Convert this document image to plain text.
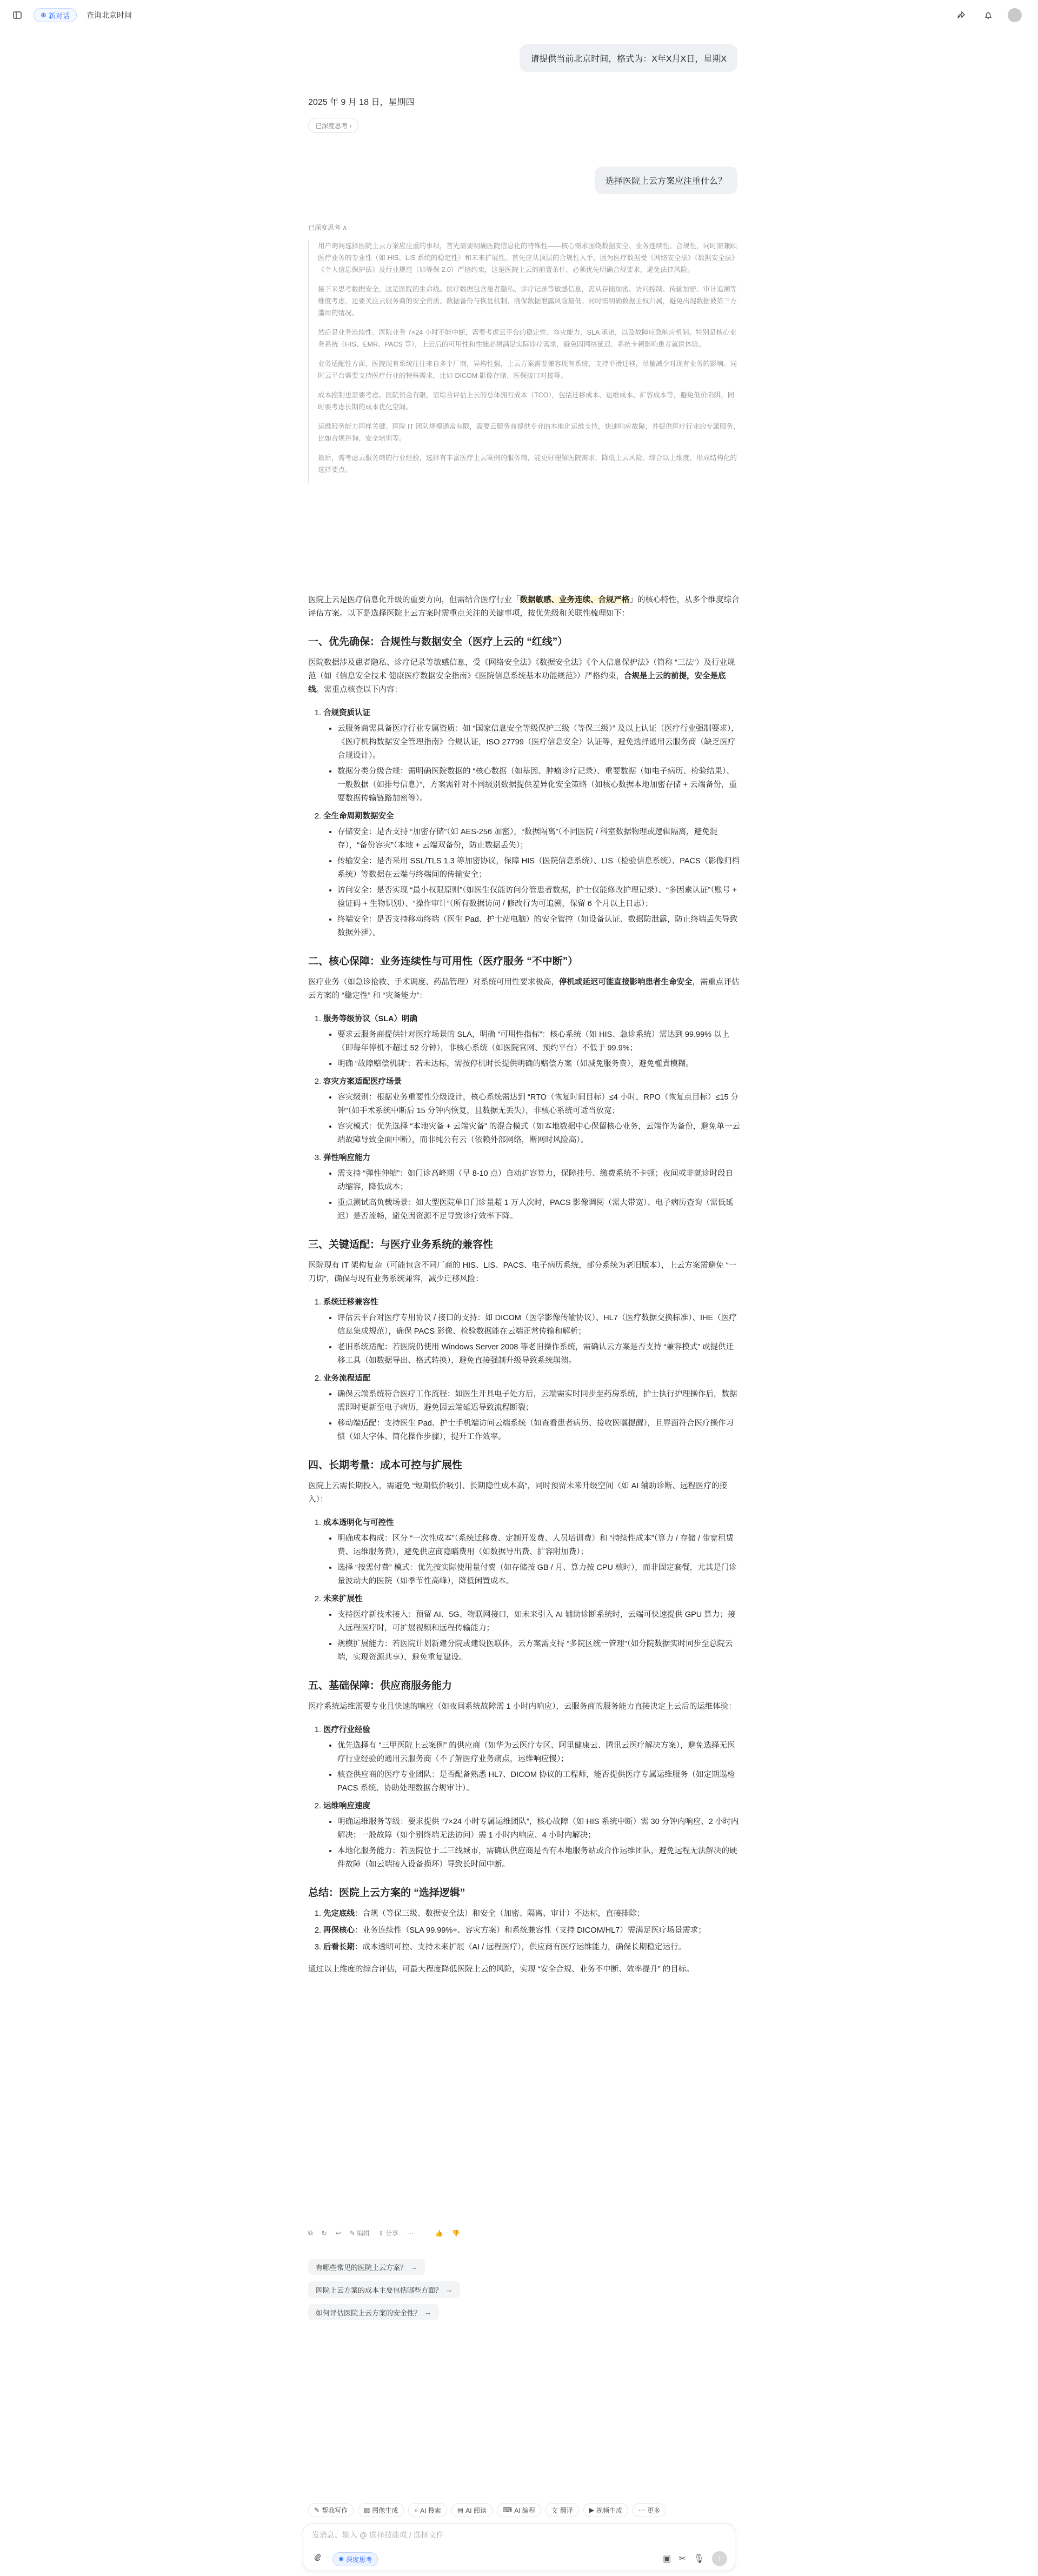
⊕ 新对话 查询北京时间
请提供当前北京时间，格式为：X年X月X日，星期X
2025 年 9 月 18 日，星期四
已深度思考 ›
选择医院上云方案应注重什么？
已深度思考 ∧

用户询问选择医院上云方案应注重的事项，首先需要明确医院信息化的特殊性——核心需求围绕数据安全、业务连续性、合规性，同时需兼顾医疗业务的专业性（如 HIS、LIS 系统的稳定性）和未来扩展性。首先应从顶层的合规性入手，因为医疗数据受《网络安全法》《数据安全法》《个人信息保护法》及行业规范（如等保 2.0）严格约束，这是医院上云的前置条件，必须优先明确合规要求，避免法律风险。

接下来思考数据安全，这是医院的生命线。医疗数据包含患者隐私、诊疗记录等敏感信息，需从存储加密、访问控制、传输加密、审计追溯等维度考虑，还要关注云服务商的安全资质、数据备份与恢复机制，确保数据泄露风险最低。同时需明确数据主权归属，避免出现数据被第三方滥用的情况。

然后是业务连续性。医院业务 7×24 小时不能中断，需要考虑云平台的稳定性、容灾能力、SLA 承诺，以及故障应急响应机制。特别是核心业务系统（HIS、EMR、PACS 等），上云后的可用性和性能必须满足实际诊疗需求，避免因网络延迟、系统卡顿影响患者就医体验。

业务适配性方面，医院现有系统往往来自多个厂商，异构性强，上云方案需要兼容现有系统，支持平滑迁移，尽量减少对现有业务的影响。同时云平台需要支持医疗行业的特殊需求，比如 DICOM 影像存储、医保接口对接等。

成本控制也需要考虑。医院资金有限，需综合评估上云的总体拥有成本（TCO），包括迁移成本、运维成本、扩容成本等，避免低价陷阱，同时要考虑长期的成本优化空间。

运维服务能力同样关键。医院 IT 团队规模通常有限，需要云服务商提供专业的本地化运维支持，快速响应故障，并提供医疗行业的专属服务，比如合规咨询、安全培训等。

最后，需考虑云服务商的行业经验，选择有丰富医疗上云案例的服务商，能更好理解医院需求，降低上云风险。综合以上维度，形成结构化的选择要点。

医院上云是医疗信息化升级的重要方向，但需结合医疗行业「数据敏感、业务连续、合规严格」的核心特性，从多个维度综合评估方案。以下是选择医院上云方案时需重点关注的关键事项，按优先级和关联性梳理如下：

一、优先确保：合规性与数据安全（医疗上云的 “红线”）

医院数据涉及患者隐私、诊疗记录等敏感信息，受《网络安全法》《数据安全法》《个人信息保护法》（简称 “三法”）及行业规范（如《信息安全技术 健康医疗数据安全指南》《医院信息系统基本功能规范》）严格约束，合规是上云的前提，安全是底线。需重点核查以下内容：

1. 合规资质认证
• 云服务商需具备医疗行业专属资质：如 “国家信息安全等级保护三级（等保三级）” 及以上认证（医疗行业强制要求），《医疗机构数据安全管理指南》合规认证，ISO 27799（医疗信息安全）认证等，避免选择通用云服务商（缺乏医疗合规设计）。
• 数据分类分级合规：需明确医院数据的 “核心数据（如基因、肿瘤诊疗记录）、重要数据（如电子病历、检验结果）、一般数据（如排号信息）”，方案需针对不同级别数据提供差异化安全策略（如核心数据本地加密存储 + 云端备份，重要数据传输链路加密等）。
2. 全生命周期数据安全
• 存储安全：是否支持 “加密存储”（如 AES-256 加密），“数据隔离”（不同医院 / 科室数据物理或逻辑隔离，避免混存），“备份容灾”（本地 + 云端双备份，防止数据丢失）；
• 传输安全：是否采用 SSL/TLS 1.3 等加密协议，保障 HIS（医院信息系统）、LIS（检验信息系统）、PACS（影像归档系统）等数据在云端与终端间的传输安全；
• 访问安全：是否实现 “最小权限原则”（如医生仅能访问分管患者数据，护士仅能修改护理记录）、“多因素认证”（账号 + 验证码 + 生物识别）、“操作审计”（所有数据访问 / 修改行为可追溯，保留 6 个月以上日志）；
• 终端安全：是否支持移动终端（医生 Pad、护士站电脑）的安全管控（如设备认证、数据防泄露，防止终端丢失导致数据外泄）。
二、核心保障：业务连续性与可用性（医疗服务 “不中断”）

医疗业务（如急诊抢救、手术调度、药品管理）对系统可用性要求极高，停机或延迟可能直接影响患者生命安全，需重点评估云方案的 “稳定性” 和 “灾备能力”：

1. 服务等级协议（SLA）明确
• 要求云服务商提供针对医疗场景的 SLA，明确 “可用性指标”：核心系统（如 HIS、急诊系统）需达到 99.99% 以上（即每年停机不超过 52 分钟），非核心系统（如医院官网、预约平台）不低于 99.9%；
• 明确 “故障赔偿机制”：若未达标，需按停机时长提供明确的赔偿方案（如减免服务费），避免權責模糊。
2. 容灾方案适配医疗场景
• 容灾级别：根据业务重要性分级设计，核心系统需达到 “RTO（恢复时间目标）≤4 小时，RPO（恢复点目标）≤15 分钟”（如手术系统中断后 15 分钟内恢复，且数据无丢失），非核心系统可适当放宽；
• 容灾模式：优先选择 “本地灾备 + 云端灾备” 的混合模式（如本地数据中心保留核心业务，云端作为备份，避免单一云端故障导致全面中断），而非纯公有云（依赖外部网络，断网时风险高）。
3. 弹性响应能力
• 需支持 “弹性伸缩”：如门诊高峰期（早 8-10 点）自动扩容算力，保障挂号、缴费系统不卡顿；夜间或非就诊时段自动缩容，降低成本；
• 重点测试高负载场景：如大型医院单日门诊量超 1 万人次时，PACS 影像调阅（需大带宽）、电子病历查询（需低延迟）是否流畅，避免因资源不足导致诊疗效率下降。
三、关键适配：与医疗业务系统的兼容性

医院现有 IT 架构复杂（可能包含不同厂商的 HIS、LIS、PACS、电子病历系统，部分系统为老旧版本），上云方案需避免 “一刀切”，确保与现有业务系统兼容，减少迁移风险：

1. 系统迁移兼容性
• 评估云平台对医疗专用协议 / 接口的支持：如 DICOM（医学影像传输协议）、HL7（医疗数据交换标准）、IHE（医疗信息集成规范），确保 PACS 影像、检验数据能在云端正常传输和解析；
• 老旧系统适配：若医院仍使用 Windows Server 2008 等老旧操作系统，需确认云方案是否支持 “兼容模式” 或提供迁移工具（如数据导出、格式转换），避免直接强制升级导致系统崩溃。
2. 业务流程适配
• 确保云端系统符合医疗工作流程：如医生开具电子处方后，云端需实时同步至药房系统，护士执行护理操作后，数据需即时更新至电子病历，避免因云端延迟导致流程断裂；
• 移动端适配：支持医生 Pad、护士手机端访问云端系统（如查看患者病历、接收医嘱提醒），且界面符合医疗操作习惯（如大字体、简化操作步骤），提升工作效率。
四、长期考量：成本可控与扩展性

医院上云需长期投入，需避免 “短期低价吸引、长期隐性成本高”，同时预留未来升级空间（如 AI 辅助诊断、远程医疗的接入）：

1. 成本透明化与可控性
• 明确成本构成：区分 “一次性成本”（系统迁移费、定制开发费、人员培训费）和 “持续性成本”（算力 / 存储 / 带宽租赁费、运维服务费），避免供应商隐瞞费用（如数据导出费、扩容附加费）；
• 选择 “按需付费” 模式：优先按实际使用量付费（如存储按 GB / 月、算力按 CPU 核时），而非固定套餐，尤其是门诊量波动大的医院（如季节性高峰），降低闲置成本。
2. 未来扩展性
• 支持医疗新技术接入：预留 AI、5G、物联网接口，如未来引入 AI 辅助诊断系统时，云端可快速提供 GPU 算力；接入远程医疗时，可扩展视频和远程传输能力；
• 规模扩展能力：若医院计划新建分院或建设医联体，云方案需支持 “多院区统一管理”（如分院数据实时同步至总院云端，实现资源共享），避免重复建设。
五、基础保障：供应商服务能力

医疗系统运维需要专业且快速的响应（如夜间系统故障需 1 小时内响应），云服务商的服务能力直接决定上云后的运维体验：

1. 医疗行业经验
• 优先选择有 “三甲医院上云案例” 的供应商（如华为云医疗专区、阿里健康云、腾讯云医疗解决方案），避免选择无医疗行业经验的通用云服务商（不了解医疗业务痛点，运维响应慢）；
• 核查供应商的医疗专业团队：是否配备熟悉 HL7、DICOM 协议的工程师，能否提供医疗专属运维服务（如定期巡检 PACS 系统、协助处理数据合规审计）。
2. 运维响应速度
• 明确运维服务等级：要求提供 “7×24 小时专属运维团队”，核心故障（如 HIS 系统中断）需 30 分钟内响应、2 小时内解决；一般故障（如个别终端无法访问）需 1 小时内响应、4 小时内解决；
• 本地化服务能力：若医院位于二三线城市，需确认供应商是否有本地服务站或合作运维团队，避免远程无法解决的硬件故障（如云端接入设备损坏）导致长时间中断。
总结：医院上云方案的 “选择逻辑”
1. 先定底线：合规（等保三级、数据安全法）和安全（加密、隔离、审计）不达标，直接排除；
2. 再保核心：业务连续性（SLA 99.99%+、容灾方案）和系统兼容性（支持 DICOM/HL7）需满足医疗场景需求；
3. 后看长期：成本透明可控、支持未来扩展（AI / 远程医疗），供应商有医疗运维能力，确保长期稳定运行。

通过以上维度的综合评估，可最大程度降低医院上云的风险，实现 “安全合规、业务不中断、效率提升” 的目标。

⧉ ↻ ↩ ✎ 编辑 ⇪ 分享 ···	👍 👎
有哪些常见的医院上云方案？ →
医院上云方案的成本主要包括哪些方面？ →
如何评估医院上云方案的安全性？ →
✎ 帮我写作	▨ 图像生成	⌕ AI 搜索	▤ AI 阅读	⌨ AI 编程	文 翻译	▶ 视频生成	⋯ 更多
发消息、输入 @ 选择技能或 / 选择文件
✺ 深度思考	▣ ✂ 🎙 ↑
